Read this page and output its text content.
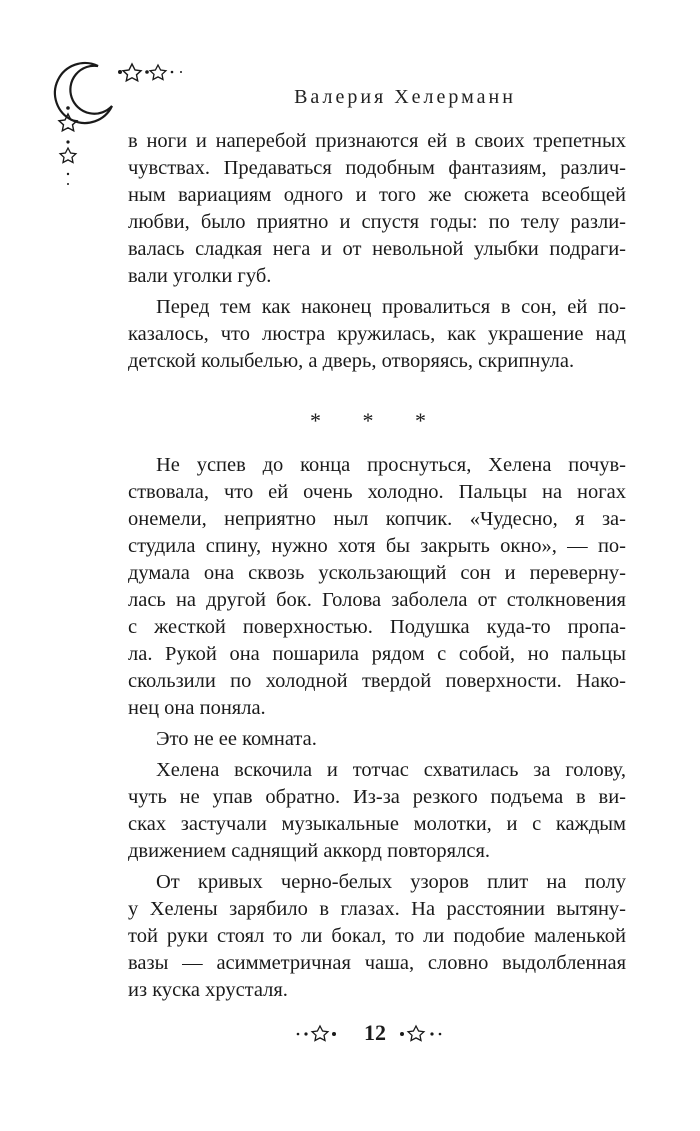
Валерия Хелерманн
в ноги и наперебой признаются ей в своих трепетных
чувствах. Предаваться подобным фантазиям, различ-
ным вариациям одного и того же сюжета всеобщей
любви, было приятно и спустя годы: по телу разли-
валась сладкая нега и от невольной улыбки подраги-
вали уголки губ.
Перед тем как наконец провалиться в сон, ей по-
казалось, что люстра кружилась, как украшение над
детской колыбелью, а дверь, отворяясь, скрипнула.
* * *
Не успев до конца проснуться, Хелена почув-
ствовала, что ей очень холодно. Пальцы на ногах
онемели, неприятно ныл копчик. «Чудесно, я за-
студила спину, нужно хотя бы закрыть окно», — по-
думала она сквозь ускользающий сон и переверну-
лась на другой бок. Голова заболела от столкновения
с жесткой поверхностью. Подушка куда-то пропа-
ла. Рукой она пошарила рядом с собой, но пальцы
скользили по холодной твердой поверхности. Нако-
нец она поняла.
Это не ее комната.
Хелена вскочила и тотчас схватилась за голову,
чуть не упав обратно. Из-за резкого подъема в ви-
сках застучали музыкальные молотки, и с каждым
движением саднящий аккорд повторялся.
От кривых черно-белых узоров плит на полу
у Хелены зарябило в глазах. На расстоянии вытяну-
той руки стоял то ли бокал, то ли подобие маленькой
вазы — асимметричная чаша, словно выдолбленная
из куска хрусталя.
12
